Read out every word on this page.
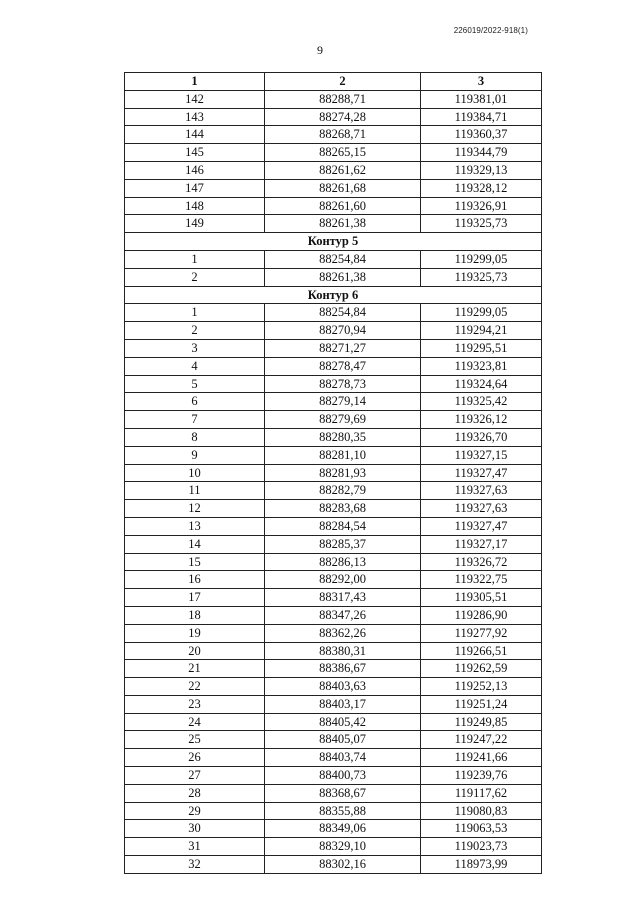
226019/2022-918(1)
9
1	2	3
142	88288,71	119381,01
143	88274,28	119384,71
144	88268,71	119360,37
145	88265,15	119344,79
146	88261,62	119329,13
147	88261,68	119328,12
148	88261,60	119326,91
149	88261,38	119325,73
Контур 5		
1	88254,84	119299,05
2	88261,38	119325,73
Контур 6		
1	88254,84	119299,05
2	88270,94	119294,21
3	88271,27	119295,51
4	88278,47	119323,81
5	88278,73	119324,64
6	88279,14	119325,42
7	88279,69	119326,12
8	88280,35	119326,70
9	88281,10	119327,15
10	88281,93	119327,47
11	88282,79	119327,63
12	88283,68	119327,63
13	88284,54	119327,47
14	88285,37	119327,17
15	88286,13	119326,72
16	88292,00	119322,75
17	88317,43	119305,51
18	88347,26	119286,90
19	88362,26	119277,92
20	88380,31	119266,51
21	88386,67	119262,59
22	88403,63	119252,13
23	88403,17	119251,24
24	88405,42	119249,85
25	88405,07	119247,22
26	88403,74	119241,66
27	88400,73	119239,76
28	88368,67	119117,62
29	88355,88	119080,83
30	88349,06	119063,53
31	88329,10	119023,73
32	88302,16	118973,99
